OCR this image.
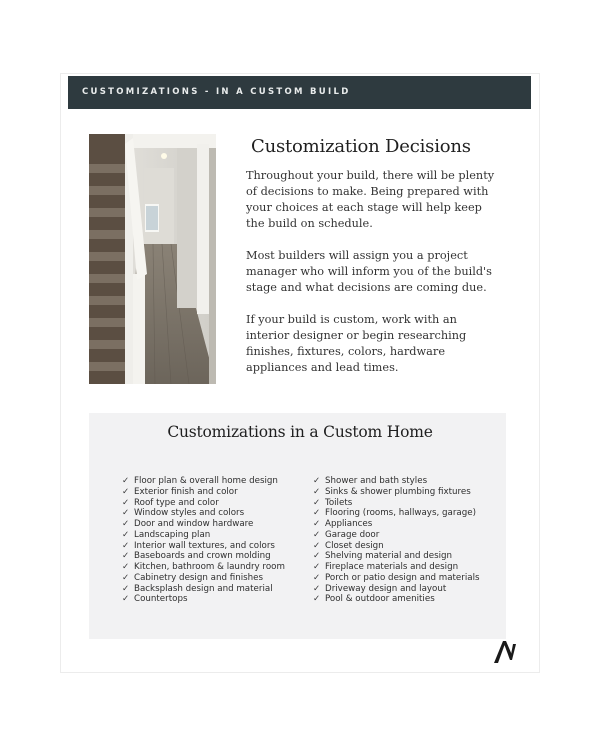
CUSTOMIZATIONS - IN A CUSTOM BUILD
Customization Decisions
Throughout your build, there will be plenty of decisions to make. Being prepared with your choices at each stage will help keep the build on schedule.
Most builders will assign you a project manager who will inform you of the build's stage and what decisions are coming due.
If your build is custom, work with an interior designer or begin researching finishes, fixtures, colors, hardware appliances and lead times.
Customizations in a Custom Home
✓ Floor plan & overall home design
✓ Exterior finish and color
✓ Roof type and color
✓ Window styles and colors
✓ Door and window hardware
✓ Landscaping plan
✓ Interior wall textures, and colors
✓ Baseboards and crown molding
✓ Kitchen, bathroom & laundry room
✓ Cabinetry design and finishes
✓ Backsplash design and material
✓ Countertops
✓ Shower and bath styles
✓ Sinks & shower plumbing fixtures
✓ Toilets
✓ Flooring (rooms, hallways, garage)
✓ Appliances
✓ Garage door
✓ Closet design
✓ Shelving material and design
✓ Fireplace materials and design
✓ Porch or patio design and materials
✓ Driveway design and layout
✓ Pool & outdoor amenities
